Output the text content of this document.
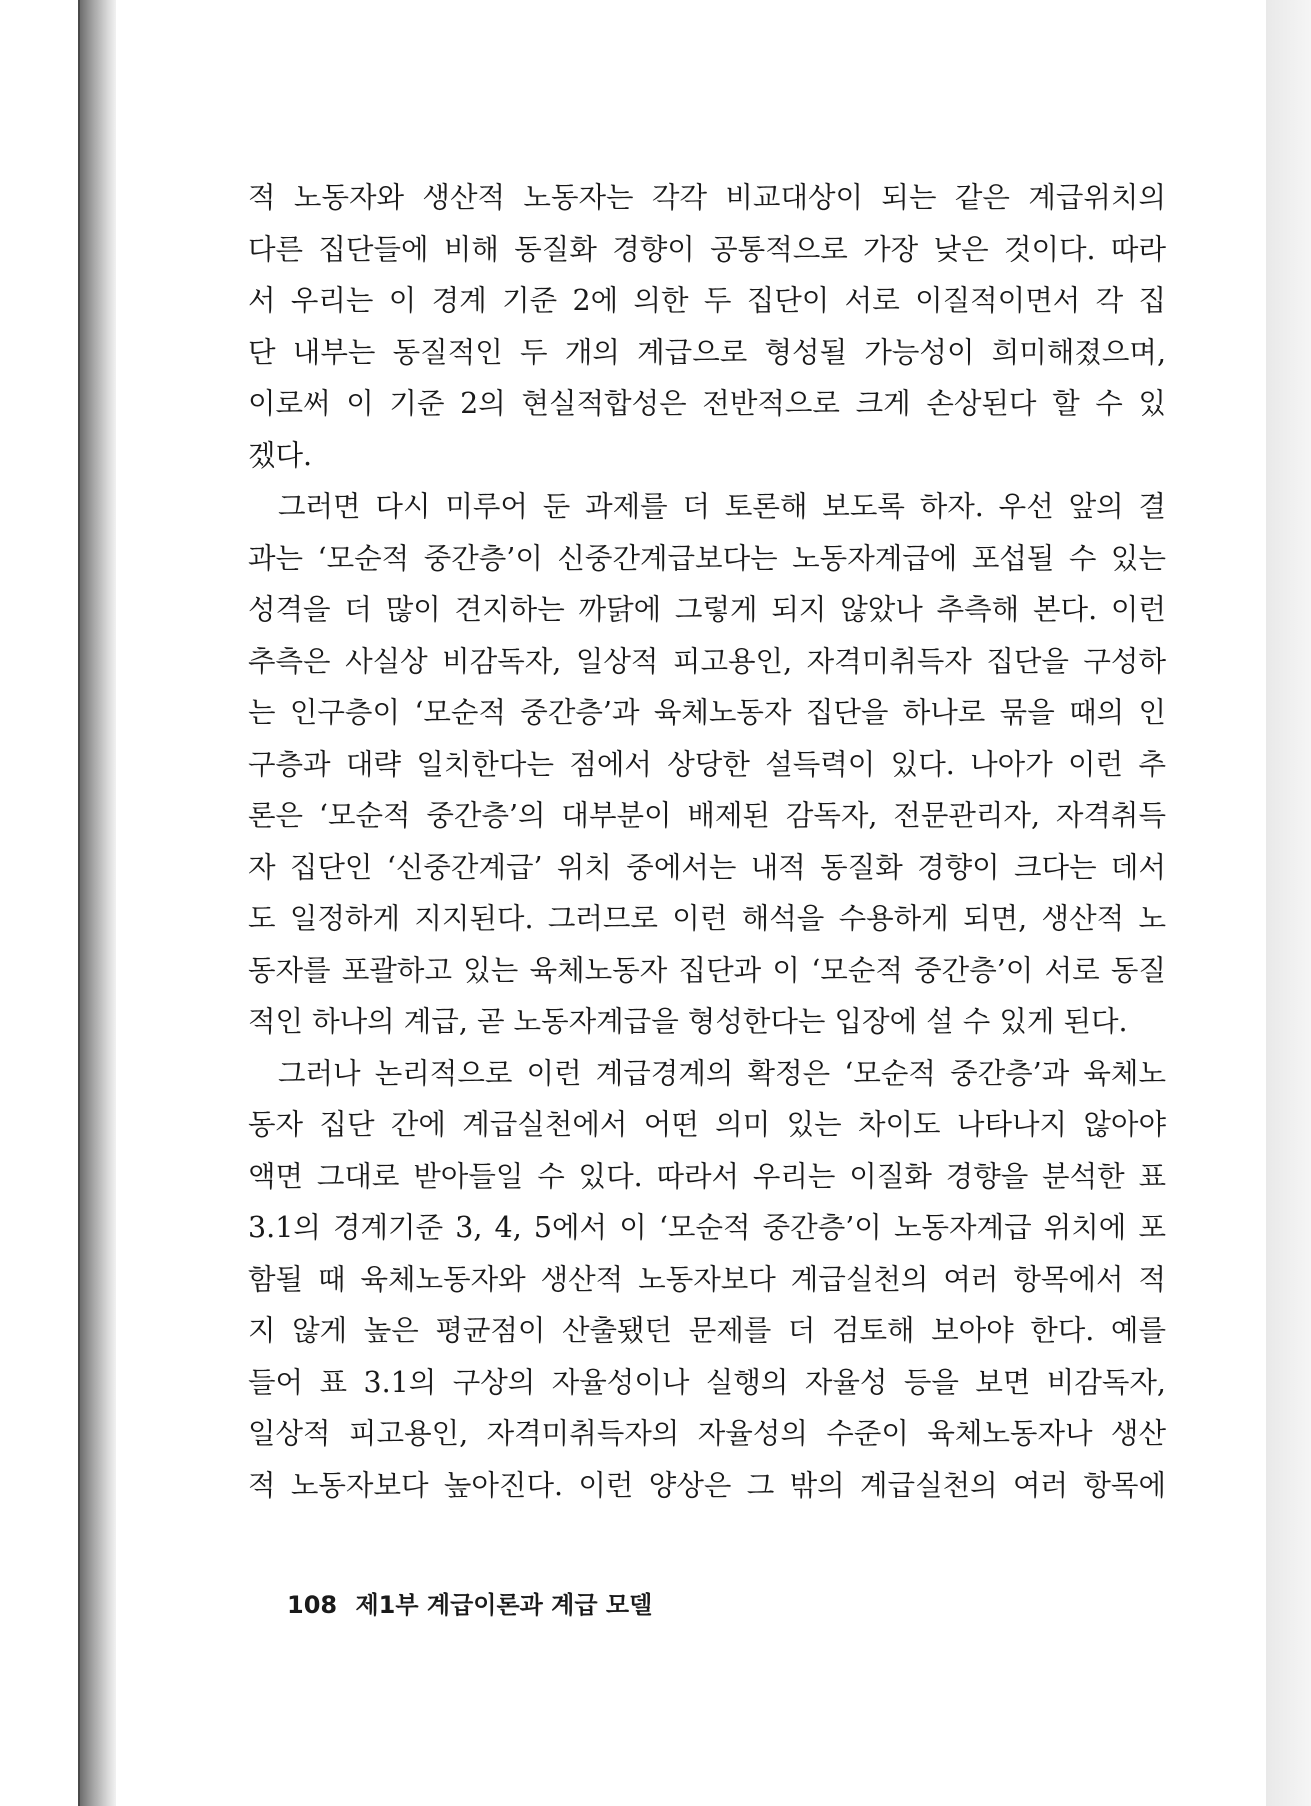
적 노동자와 생산적 노동자는 각각 비교대상이 되는 같은 계급위치의
다른 집단들에 비해 동질화 경향이 공통적으로 가장 낮은 것이다. 따라
서 우리는 이 경계 기준 2에 의한 두 집단이 서로 이질적이면서 각 집
단 내부는 동질적인 두 개의 계급으로 형성될 가능성이 희미해졌으며,
이로써 이 기준 2의 현실적합성은 전반적으로 크게 손상된다 할 수 있
겠다.
그러면 다시 미루어 둔 과제를 더 토론해 보도록 하자. 우선 앞의 결
과는 ‘모순적 중간층’이 신중간계급보다는 노동자계급에 포섭될 수 있는
성격을 더 많이 견지하는 까닭에 그렇게 되지 않았나 추측해 본다. 이런
추측은 사실상 비감독자, 일상적 피고용인, 자격미취득자 집단을 구성하
는 인구층이 ‘모순적 중간층’과 육체노동자 집단을 하나로 묶을 때의 인
구층과 대략 일치한다는 점에서 상당한 설득력이 있다. 나아가 이런 추
론은 ‘모순적 중간층’의 대부분이 배제된 감독자, 전문관리자, 자격취득
자 집단인 ‘신중간계급’ 위치 중에서는 내적 동질화 경향이 크다는 데서
도 일정하게 지지된다. 그러므로 이런 해석을 수용하게 되면, 생산적 노
동자를 포괄하고 있는 육체노동자 집단과 이 ‘모순적 중간층’이 서로 동질
적인 하나의 계급, 곧 노동자계급을 형성한다는 입장에 설 수 있게 된다.
그러나 논리적으로 이런 계급경계의 확정은 ‘모순적 중간층’과 육체노
동자 집단 간에 계급실천에서 어떤 의미 있는 차이도 나타나지 않아야
액면 그대로 받아들일 수 있다. 따라서 우리는 이질화 경향을 분석한 표
3.1의 경계기준 3, 4, 5에서 이 ‘모순적 중간층’이 노동자계급 위치에 포
함될 때 육체노동자와 생산적 노동자보다 계급실천의 여러 항목에서 적
지 않게 높은 평균점이 산출됐던 문제를 더 검토해 보아야 한다. 예를
들어 표 3.1의 구상의 자율성이나 실행의 자율성 등을 보면 비감독자,
일상적 피고용인, 자격미취득자의 자율성의 수준이 육체노동자나 생산
적 노동자보다 높아진다. 이런 양상은 그 밖의 계급실천의 여러 항목에
108 제1부 계급이론과 계급 모델
